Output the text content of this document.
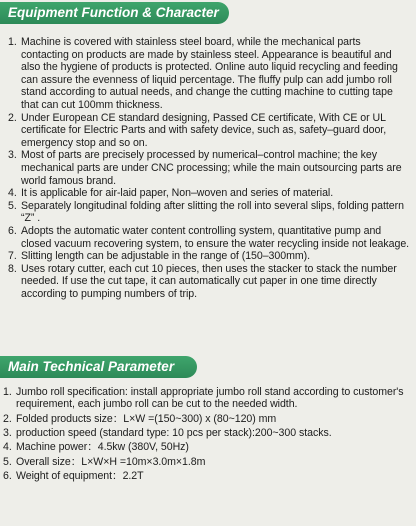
Equipment Function & Character
1. Machine is covered with stainless steel board, while the mechanical parts contacting on products are made by stainless steel. Appearance is beautiful and also the hygiene of products is protected. Online auto liquid recycling and feeding can assure the evenness of liquid percentage. The fluffy pulp can add jumbo roll stand according to autual needs, and change the cutting machine to cutting tape that can cut 100mm thickness.
2. Under European CE standard designing, Passed CE certificate, With CE or UL certificate for Electric Parts and with safety device, such as, safety–guard door, emergency stop and so on.
3. Most of parts are precisely processed by numerical–control machine; the key mechanical parts are under CNC processing; while the main outsourcing parts are world famous brand.
4. It is applicable for air-laid paper, Non–woven and series of material.
5. Separately longitudinal folding after slitting the roll into several slips, folding pattern “Z” .
6. Adopts the automatic water content controlling system, quantitative pump and closed vacuum recovering system, to ensure the water recycling inside not leakage.
7. Slitting length can be adjustable in the range of (150–300mm).
8. Uses rotary cutter, each cut 10 pieces, then uses the stacker to stack the number needed. If use the cut tape, it can automatically cut paper in one time directly according to pumping numbers of trip.
Main Technical Parameter
1. Jumbo roll specification: install appropriate jumbo roll stand according to customer's requirement, each jumbo roll can be cut to the needed width.
2. Folded products size：L×W =(150~300) x (80~120) mm
3. production speed (standard type: 10 pcs per stack):200~300 stacks.
4. Machine power：4.5kw (380V, 50Hz)
5. Overall size：L×W×H =10m×3.0m×1.8m
6. Weight of equipment：2.2T
